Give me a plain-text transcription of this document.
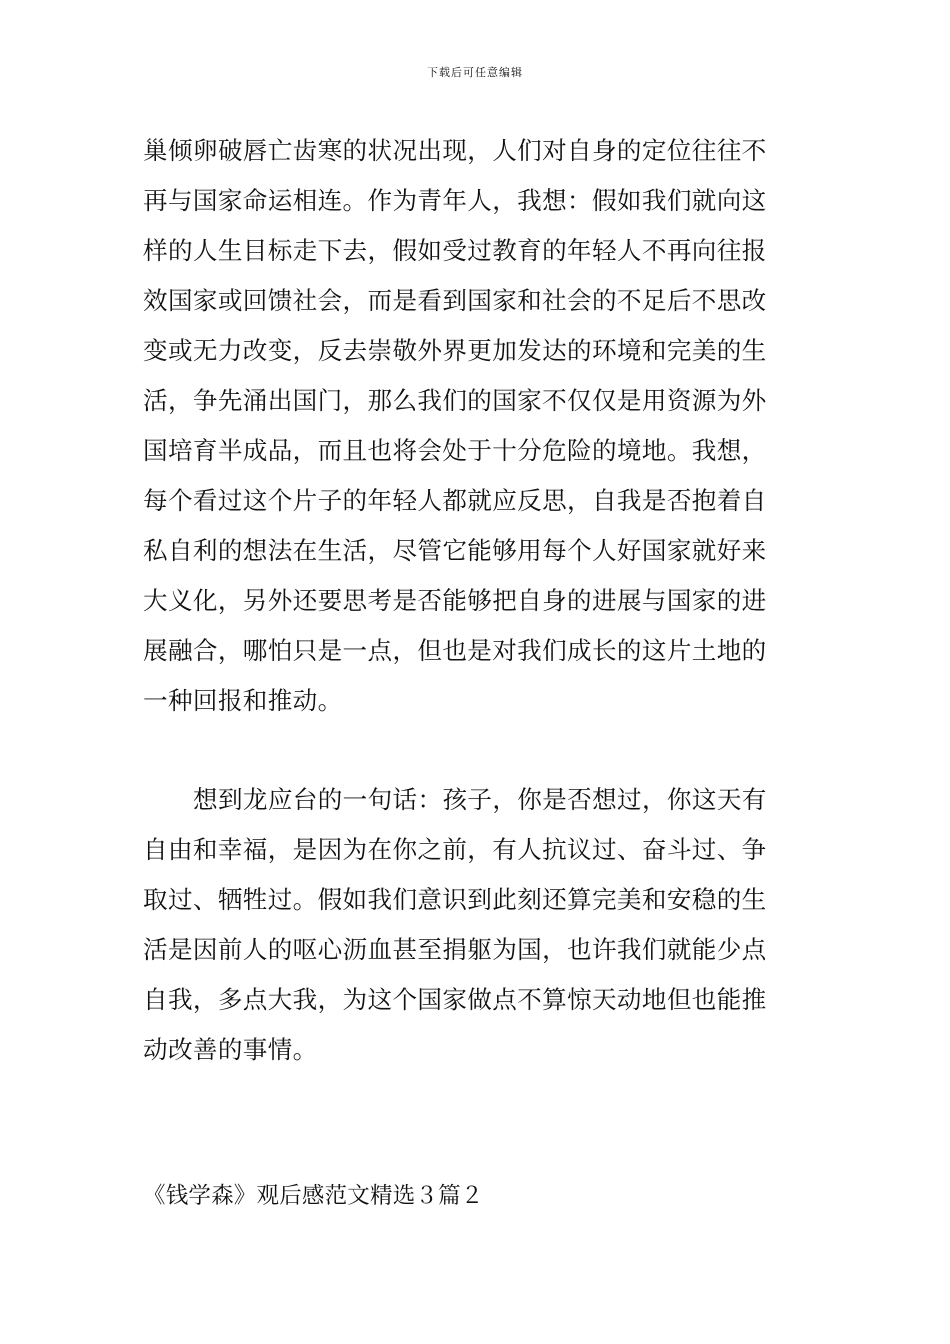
下载后可任意编辑
巢倾卵破唇亡齿寒的状况出现，人们对自身的定位往往不
再与国家命运相连。作为青年人，我想：假如我们就向这
样的人生目标走下去，假如受过教育的年轻人不再向往报
效国家或回馈社会，而是看到国家和社会的不足后不思改
变或无力改变，反去崇敬外界更加发达的环境和完美的生
活，争先涌出国门，那么我们的国家不仅仅是用资源为外
国培育半成品，而且也将会处于十分危险的境地。我想，
每个看过这个片子的年轻人都就应反思，自我是否抱着自
私自利的想法在生活，尽管它能够用每个人好国家就好来
大义化，另外还要思考是否能够把自身的进展与国家的进
展融合，哪怕只是一点，但也是对我们成长的这片土地的
一种回报和推动。
想到龙应台的一句话：孩子，你是否想过，你这天有
自由和幸福，是因为在你之前，有人抗议过、奋斗过、争
取过、牺牲过。假如我们意识到此刻还算完美和安稳的生
活是因前人的呕心沥血甚至捐躯为国，也许我们就能少点
自我，多点大我，为这个国家做点不算惊天动地但也能推
动改善的事情。
《钱学森》观后感范文精选３篇２
